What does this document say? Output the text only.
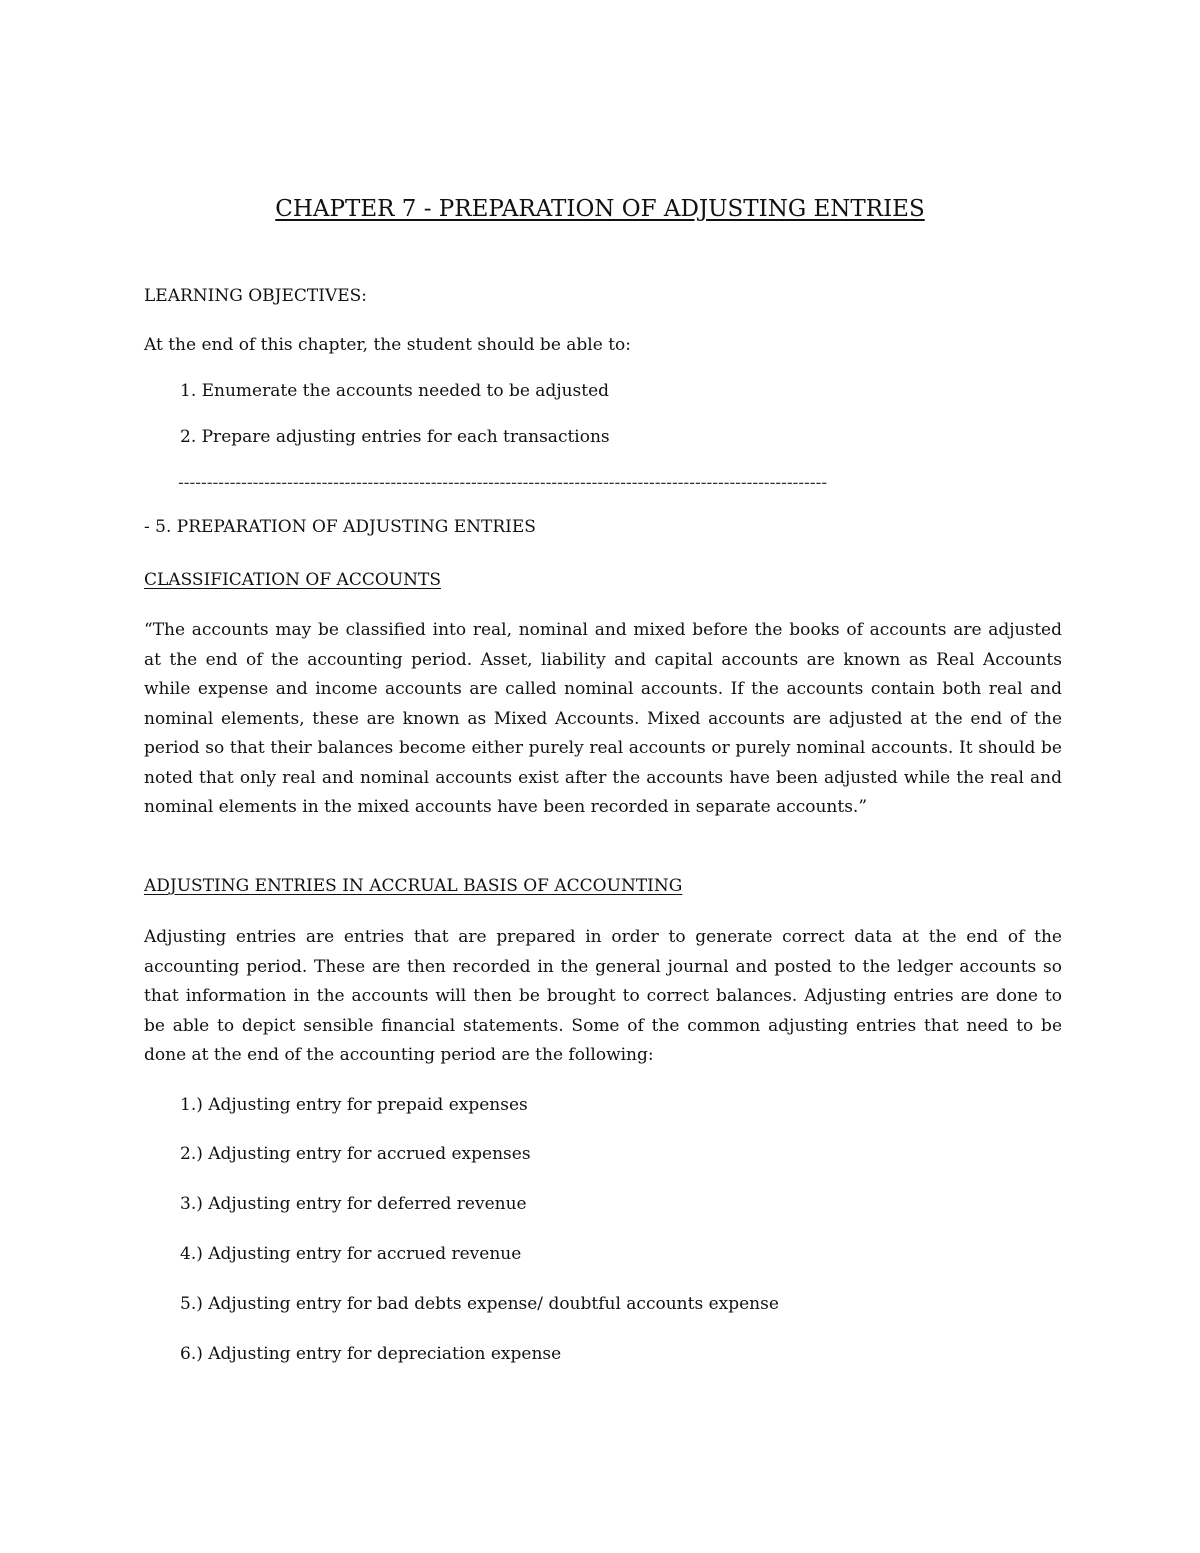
CHAPTER 7 - PREPARATION OF ADJUSTING ENTRIES
LEARNING OBJECTIVES:
At the end of this chapter, the student should be able to:
1. Enumerate the accounts needed to be adjusted
2. Prepare adjusting entries for each transactions
-----------------------------------------------------------------------------------------------------------------
- 5. PREPARATION OF ADJUSTING ENTRIES
CLASSIFICATION OF ACCOUNTS
“The accounts may be classified into real, nominal and mixed before the books of accounts are adjusted at the end of the accounting period. Asset, liability and capital accounts are known as Real Accounts while expense and income accounts are called nominal accounts. If the accounts contain both real and nominal elements, these are known as Mixed Accounts. Mixed accounts are adjusted at the end of the period so that their balances become either purely real accounts or purely nominal accounts. It should be noted that only real and nominal accounts exist after the accounts have been adjusted while the real and nominal elements in the mixed accounts have been recorded in separate accounts.”
ADJUSTING ENTRIES IN ACCRUAL BASIS OF ACCOUNTING
Adjusting entries are entries that are prepared in order to generate correct data at the end of the accounting period. These are then recorded in the general journal and posted to the ledger accounts so that information in the accounts will then be brought to correct balances. Adjusting entries are done to be able to depict sensible financial statements. Some of the common adjusting entries that need to be done at the end of the accounting period are the following:
1.) Adjusting entry for prepaid expenses
2.) Adjusting entry for accrued expenses
3.) Adjusting entry for deferred revenue
4.) Adjusting entry for accrued revenue
5.) Adjusting entry for bad debts expense/ doubtful accounts expense
6.) Adjusting entry for depreciation expense
